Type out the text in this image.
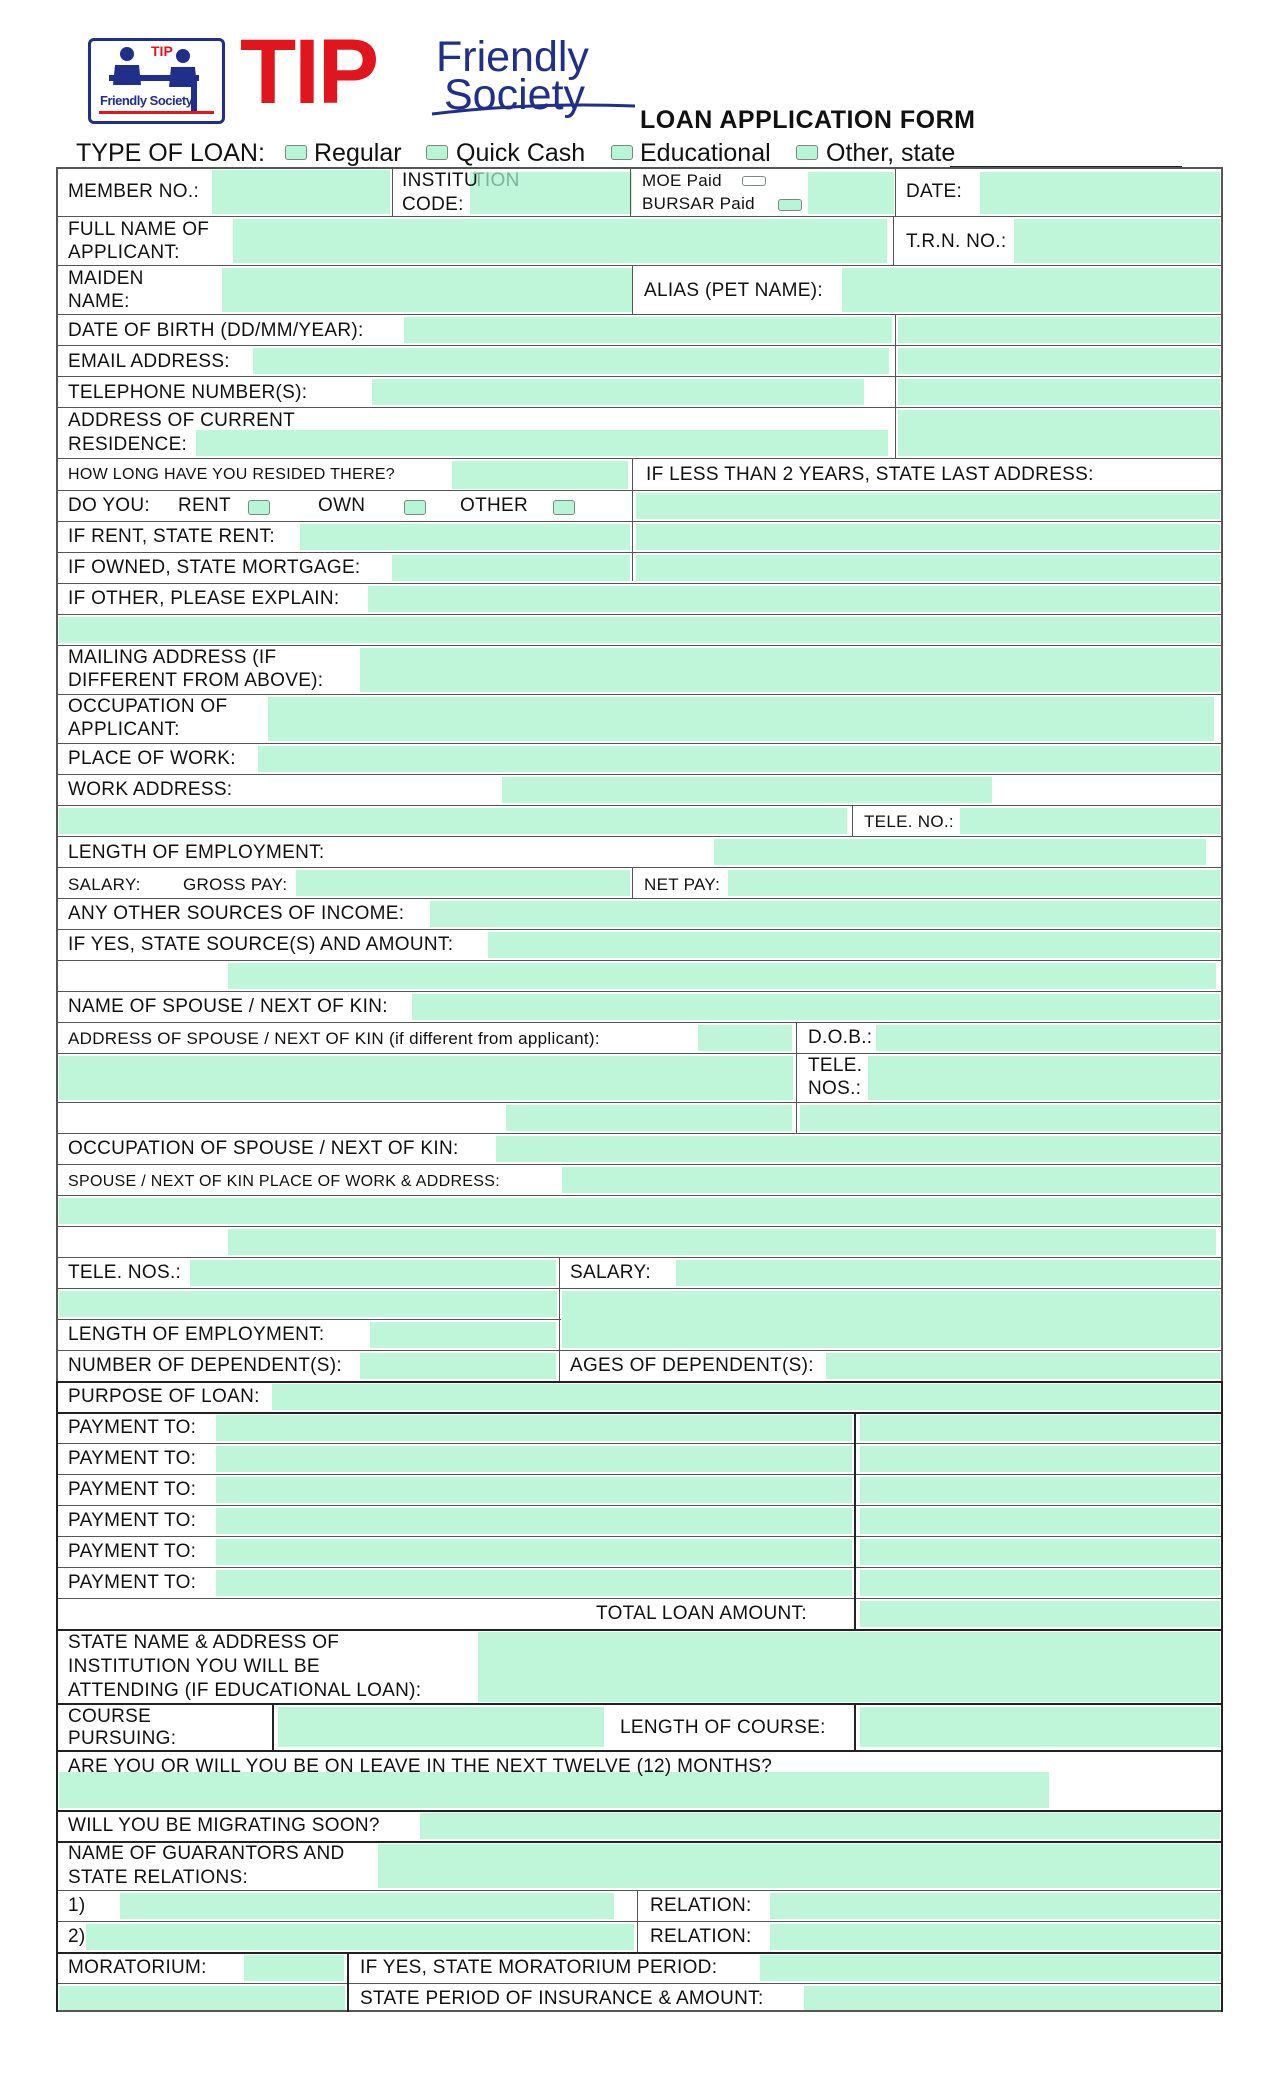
TIP
Friendly Society TIP Friendly
Society
LOAN APPLICATION FORM
TYPE OF LOAN: Regular Quick Cash Educational Other, state
MEMBER NO.:
INSTITU
TION
CODE:
MOE Paid
BURSAR Paid
DATE:
FULL NAME OF
APPLICANT:
T.R.N. NO.:
MAIDEN
NAME:
ALIAS (PET NAME):
DATE OF BIRTH (DD/MM/YEAR):
EMAIL ADDRESS:
TELEPHONE NUMBER(S):
ADDRESS OF CURRENT
RESIDENCE:
HOW LONG HAVE YOU RESIDED THERE?	IF LESS THAN 2 YEARS, STATE LAST ADDRESS:
DO YOU: RENT	OWN	OTHER
IF RENT, STATE RENT:
IF OWNED, STATE MORTGAGE:
IF OTHER, PLEASE EXPLAIN:
MAILING ADDRESS (IF
DIFFERENT FROM ABOVE):
OCCUPATION OF
APPLICANT:
PLACE OF WORK:
WORK ADDRESS:
TELE. NO.:
LENGTH OF EMPLOYMENT:
SALARY: GROSS PAY:	NET PAY:
ANY OTHER SOURCES OF INCOME:
IF YES, STATE SOURCE(S) AND AMOUNT:
NAME OF SPOUSE / NEXT OF KIN:
ADDRESS OF SPOUSE / NEXT OF KIN (if different from applicant):	D.O.B.:
TELE.
NOS.:
OCCUPATION OF SPOUSE / NEXT OF KIN:
SPOUSE / NEXT OF KIN PLACE OF WORK & ADDRESS:
TELE. NOS.:	SALARY:
LENGTH OF EMPLOYMENT:
NUMBER OF DEPENDENT(S):	AGES OF DEPENDENT(S):
PURPOSE OF LOAN:
PAYMENT TO:
PAYMENT TO:
PAYMENT TO:
PAYMENT TO:
PAYMENT TO:
PAYMENT TO:
TOTAL LOAN AMOUNT:
STATE NAME & ADDRESS OF
INSTITUTION YOU WILL BE
ATTENDING (IF EDUCATIONAL LOAN):
COURSE
PURSUING:
LENGTH OF COURSE:
ARE YOU OR WILL YOU BE ON LEAVE IN THE NEXT TWELVE (12) MONTHS?
WILL YOU BE MIGRATING SOON?
NAME OF GUARANTORS AND
STATE RELATIONS:
1)	RELATION:
2)	RELATION:
MORATORIUM:	IF YES, STATE MORATORIUM PERIOD:
STATE PERIOD OF INSURANCE & AMOUNT:
